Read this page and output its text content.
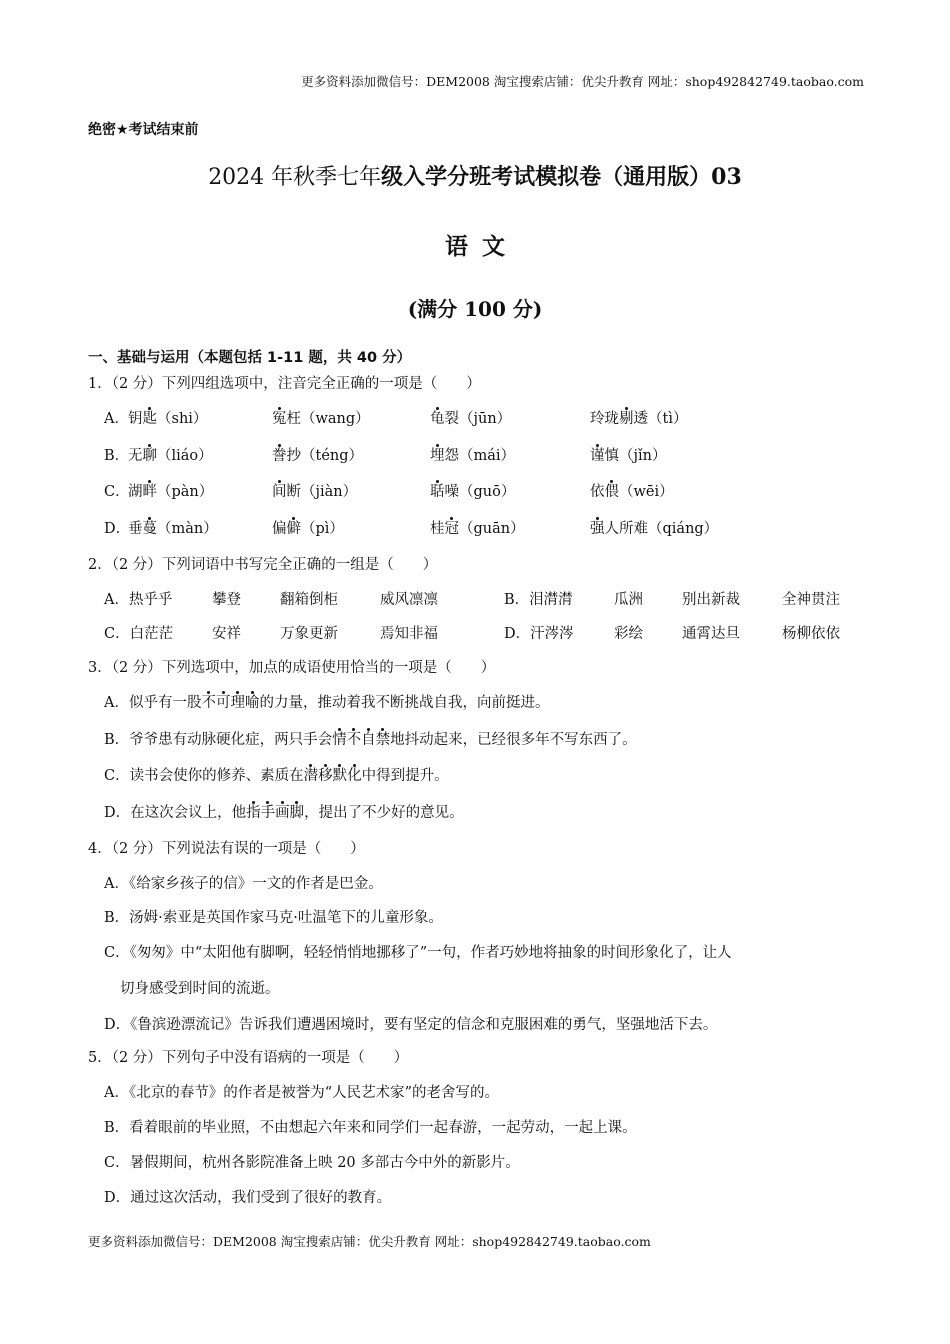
更多资料添加微信号：DEM2008 淘宝搜索店铺：优尖升教育 网址：shop492842749.taobao.com
绝密★考试结束前
2024 年秋季七年级入学分班考试模拟卷（通用版）03
语文
(满分 100 分)
一、基础与运用（本题包括 1-11 题，共 40 分）
1．（2 分）下列四组选项中，注音完全正确的一项是（　　）
A． 钥匙（shi）	冤枉（wang）	龟裂（jūn）	玲珑剔透（tì）
B．
无聊（liáo）	誊抄（téng）	埋怨（mái）	谨慎（jǐn）
C．
湖畔（pàn）	间断（jiàn）	聒噪（guō）	依偎（wēi）
D．
垂蔓（màn）	偏僻（pì）	桂冠（guān）	强人所难（qiáng）
2．（2 分）下列词语中书写完全正确的一组是（　　）
A．热乎乎	攀登	翻箱倒柜	威风凛凛	B．泪潸潸	瓜洲	别出新裁	全神贯注
C．白茫茫	安祥	万象更新	焉知非福	D．汗涔涔	彩绘	通霄达旦	杨柳依依
3．（2 分）下列选项中，加点的成语使用恰当的一项是（　　）
A．似乎有一股不可理喻的力量，推动着我不断挑战自我，向前挺进。
B．爷爷患有动脉硬化症，两只手会情不自禁地抖动起来，已经很多年不写东西了。
C．读书会使你的修养、素质在潜移默化中得到提升。
D．在这次会议上，他指手画脚，提出了不少好的意见。
4．（2 分）下列说法有误的一项是（　　）
A．《给家乡孩子的信》一文的作者是巴金。
B．汤姆·索亚是英国作家马克·吐温笔下的儿童形象。
C．《匆匆》中“太阳他有脚啊，轻轻悄悄地挪移了”一句，作者巧妙地将抽象的时间形象化了，让人
切身感受到时间的流逝。
D．《鲁滨逊漂流记》告诉我们遭遇困境时，要有坚定的信念和克服困难的勇气，坚强地活下去。
5．（2 分）下列句子中没有语病的一项是（　　）
A．《北京的春节》的作者是被誉为“人民艺术家”的老舍写的。
B．看着眼前的毕业照，不由想起六年来和同学们一起春游，一起劳动，一起上课。
C．暑假期间，杭州各影院准备上映 20 多部古今中外的新影片。
D．通过这次活动，我们受到了很好的教育。
更多资料添加微信号：DEM2008 淘宝搜索店铺：优尖升教育 网址：shop492842749.taobao.com
